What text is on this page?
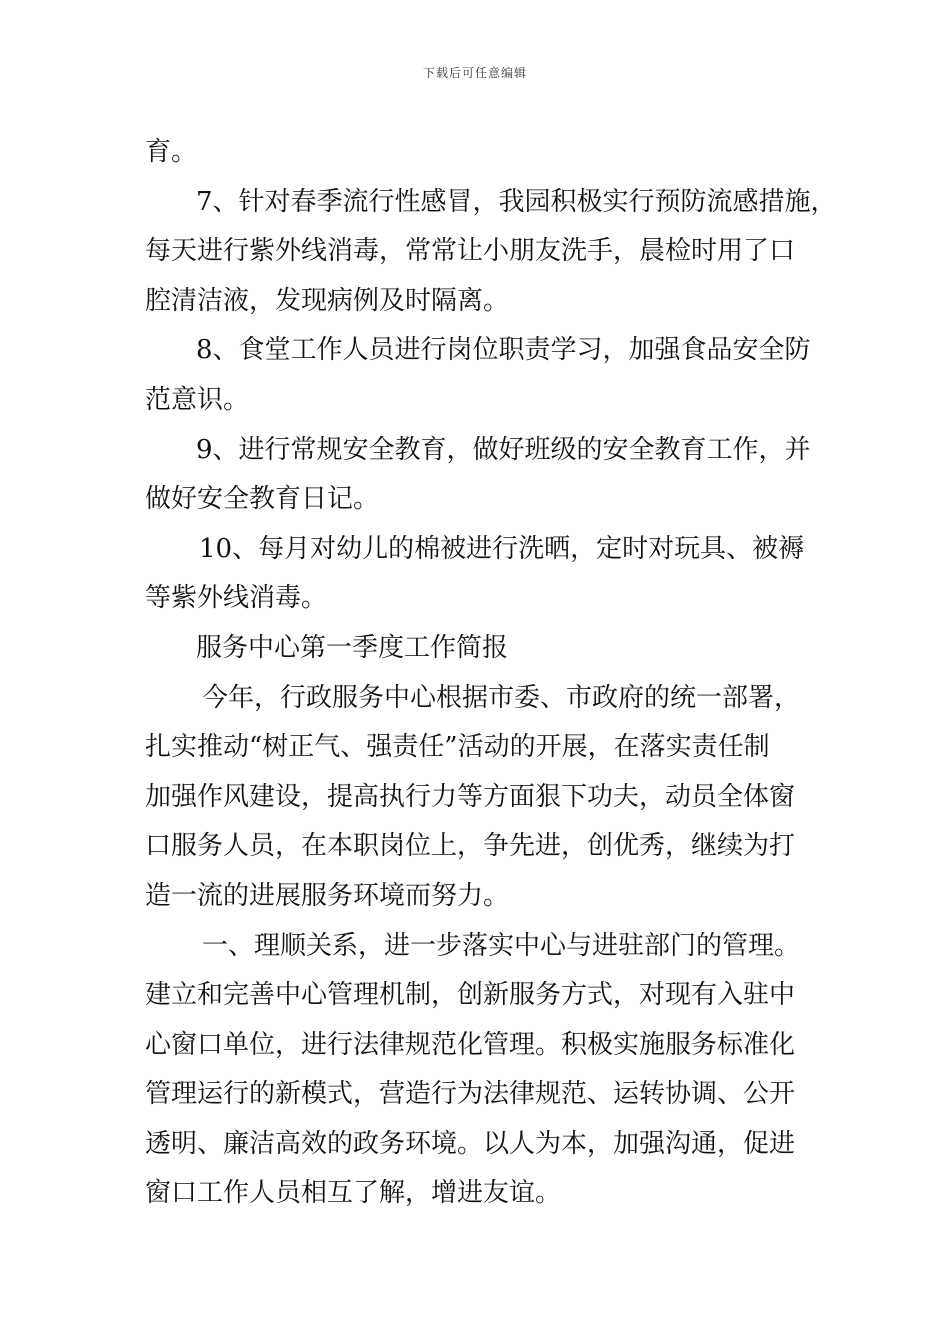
下载后可任意编辑
育。
7、针对春季流行性感冒，我园积极实行预防流感措施，
每天进行紫外线消毒，常常让小朋友洗手，晨检时用了口
腔清洁液，发现病例及时隔离。
8、食堂工作人员进行岗位职责学习，加强食品安全防
范意识。
9、进行常规安全教育，做好班级的安全教育工作，并
做好安全教育日记。
10、每月对幼儿的棉被进行洗晒，定时对玩具、被褥
等紫外线消毒。
服务中心第一季度工作简报
今年，行政服务中心根据市委、市政府的统一部署，
扎实推动“树正气、强责任”活动的开展，在落实责任制
加强作风建设，提高执行力等方面狠下功夫，动员全体窗
口服务人员，在本职岗位上，争先进，创优秀，继续为打
造一流的进展服务环境而努力。
一、理顺关系，进一步落实中心与进驻部门的管理。
建立和完善中心管理机制，创新服务方式，对现有入驻中
心窗口单位，进行法律规范化管理。积极实施服务标准化
管理运行的新模式，营造行为法律规范、运转协调、公开
透明、廉洁高效的政务环境。以人为本，加强沟通，促进
窗口工作人员相互了解，增进友谊。
